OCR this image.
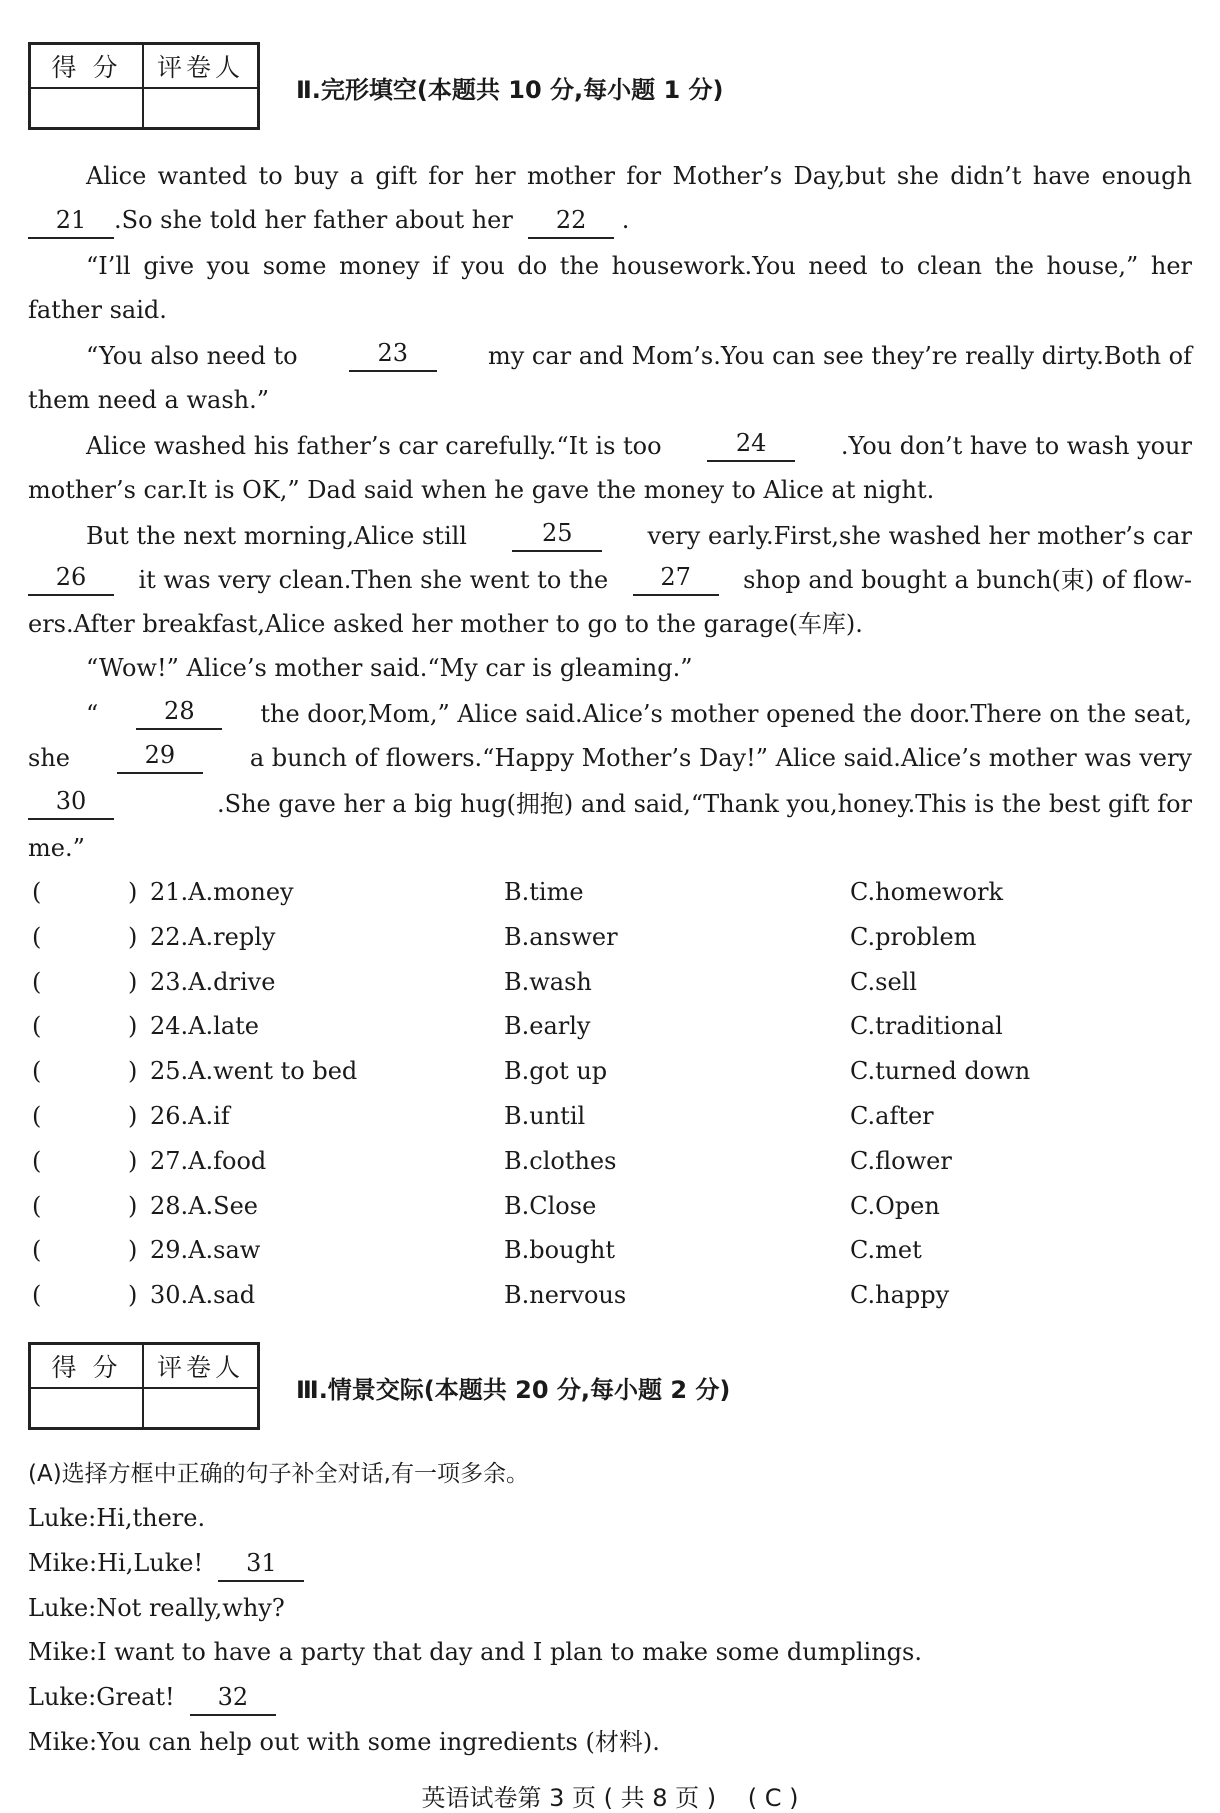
得 分	评卷人
Ⅱ.完形填空(本题共 10 分,每小题 1 分)
Alice wanted to buy a gift for her mother for Mother’s Day,but she didn’t have enough
21 .So she told her father about her 22 .
“I’ll give you some money if you do the housework.You need to clean the house,” her
father said.
“You also need to	23	my car and Mom’s.You can see they’re really dirty.Both of
them need a wash.”
Alice washed his father’s car carefully.“It is too	24	.You don’t have to wash your
mother’s car.It is OK,” Dad said when he gave the money to Alice at night.
But the next morning,Alice still	25	very early.First,she washed her mother’s car
26	it was very clean.Then she went to the	27	shop and bought a bunch(束) of flow-
ers.After breakfast,Alice asked her mother to go to the garage(车库).
“Wow!” Alice’s mother said.“My car is gleaming.”
“	28	the door,Mom,” Alice said.Alice’s mother opened the door.There on the seat,
she	29	a bunch of flowers.“Happy Mother’s Day!” Alice said.Alice’s mother was very
30	.She gave her a big hug(拥抱) and said,“Thank you,honey.This is the best gift for
me.”
(	) 21.A.money	B.time	C.homework
(	) 22.A.reply	B.answer	C.problem
(	) 23.A.drive	B.wash	C.sell
(	) 24.A.late	B.early	C.traditional
(	) 25.A.went to bed	B.got up	C.turned down
(	) 26.A.if	B.until	C.after
(	) 27.A.food	B.clothes	C.flower
(	) 28.A.See	B.Close	C.Open
(	) 29.A.saw	B.bought	C.met
(	) 30.A.sad	B.nervous	C.happy
得 分	评卷人
Ⅲ.情景交际(本题共 20 分,每小题 2 分)
(A)选择方框中正确的句子补全对话,有一项多余。
Luke:Hi,there.
Mike:Hi,Luke! 31
Luke:Not really,why?
Mike:I want to have a party that day and I plan to make some dumplings.
Luke:Great! 32
Mike:You can help out with some ingredients (材料).
英语试卷第 3 页 ( 共 8 页 )　 ( C )
